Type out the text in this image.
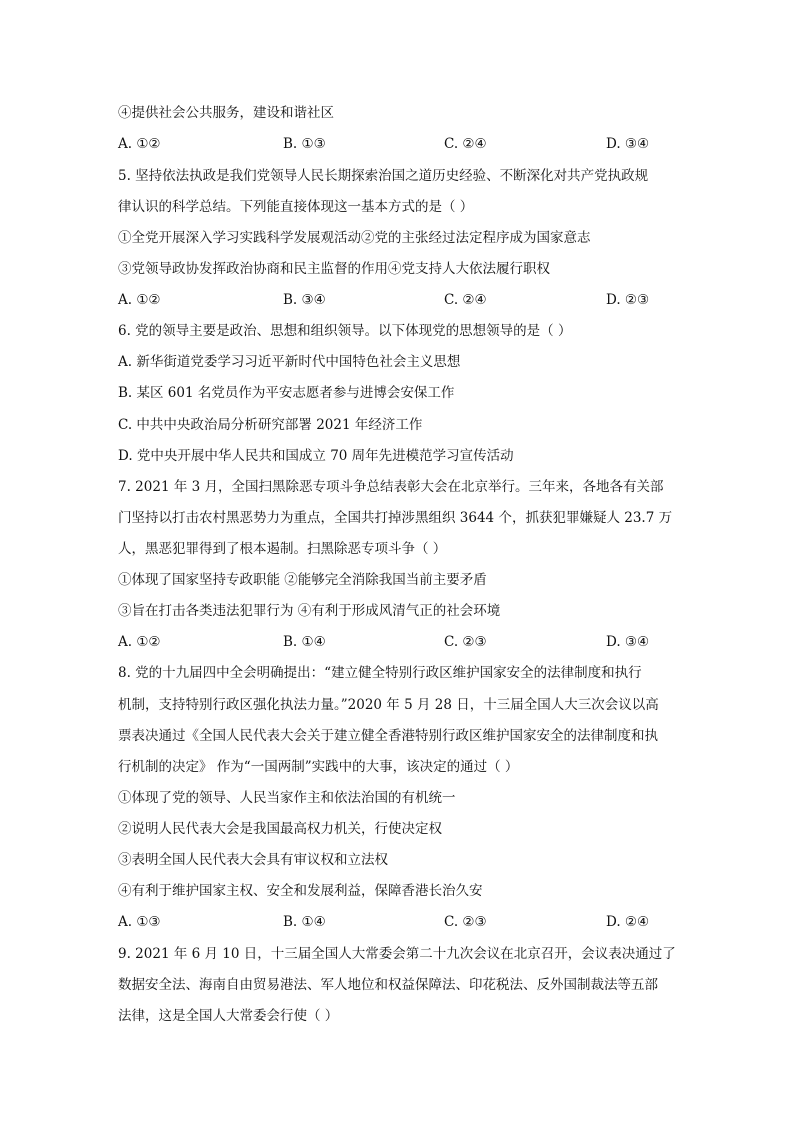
④提供社会公共服务，建设和谐社区
A. ①②	B. ①③	C. ②④	D. ③④
5. 坚持依法执政是我们党领导人民长期探索治国之道历史经验、不断深化对共产党执政规
律认识的科学总结。下列能直接体现这一基本方式的是（ ）
①全党开展深入学习实践科学发展观活动②党的主张经过法定程序成为国家意志
③党领导政协发挥政治协商和民主监督的作用④党支持人大依法履行职权
A. ①②	B. ③④	C. ②④	D. ②③
6. 党的领导主要是政治、思想和组织领导。以下体现党的思想领导的是（ ）
A. 新华街道党委学习习近平新时代中国特色社会主义思想
B. 某区 601 名党员作为平安志愿者参与进博会安保工作
C. 中共中央政治局分析研究部署 2021 年经济工作
D. 党中央开展中华人民共和国成立 70 周年先进模范学习宣传活动
7. 2021 年 3 月，全国扫黑除恶专项斗争总结表彰大会在北京举行。三年来，各地各有关部
门坚持以打击农村黑恶势力为重点，全国共打掉涉黑组织 3644 个，抓获犯罪嫌疑人 23.7 万
人，黑恶犯罪得到了根本遏制。扫黑除恶专项斗争（ ）
①体现了国家坚持专政职能 ②能够完全消除我国当前主要矛盾
③旨在打击各类违法犯罪行为 ④有利于形成风清气正的社会环境
A. ①②	B. ①④	C. ②③	D. ③④
8. 党的十九届四中全会明确提出：“建立健全特别行政区维护国家安全的法律制度和执行
机制，支持特别行政区强化执法力量。”2020 年 5 月 28 日，十三届全国人大三次会议以高
票表决通过《全国人民代表大会关于建立健全香港特别行政区维护国家安全的法律制度和执
行机制的决定》 作为“一国两制”实践中的大事，该决定的通过（ ）
①体现了党的领导、人民当家作主和依法治国的有机统一
②说明人民代表大会是我国最高权力机关，行使决定权
③表明全国人民代表大会具有审议权和立法权
④有利于维护国家主权、安全和发展利益，保障香港长治久安
A. ①③	B. ①④	C. ②③	D. ②④
9. 2021 年 6 月 10 日，十三届全国人大常委会第二十九次会议在北京召开，会议表决通过了
数据安全法、海南自由贸易港法、军人地位和权益保障法、印花税法、反外国制裁法等五部
法律，这是全国人大常委会行使（ ）
